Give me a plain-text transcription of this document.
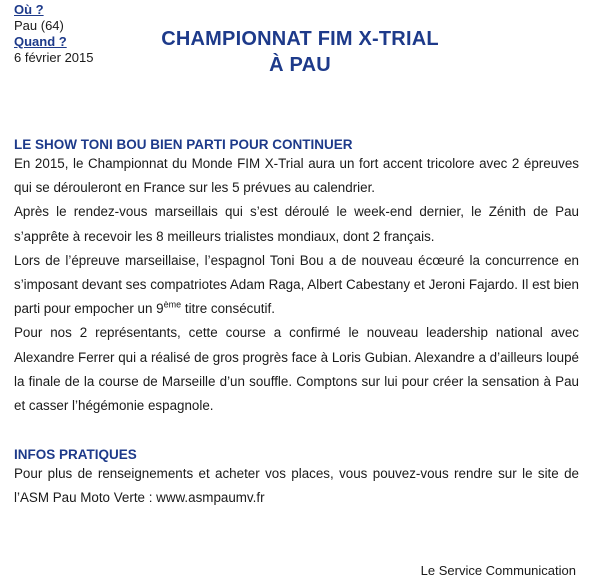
Où ?
Pau (64)
Quand ?
6 février 2015
CHAMPIONNAT FIM X-TRIAL
À PAU
LE SHOW TONI BOU BIEN PARTI POUR CONTINUER

En 2015, le Championnat du Monde FIM X-Trial aura un fort accent tricolore avec 2 épreuves qui se dérouleront en France sur les 5 prévues au calendrier.

Après le rendez-vous marseillais qui s’est déroulé le week-end dernier, le Zénith de Pau s’apprête à recevoir les 8 meilleurs trialistes mondiaux, dont 2 français.

Lors de l’épreuve marseillaise, l’espagnol Toni Bou a de nouveau écœuré la concurrence en s’imposant devant ses compatriotes Adam Raga, Albert Cabestany et Jeroni Fajardo. Il est bien parti pour empocher un 9ème titre consécutif.

Pour nos 2 représentants, cette course a confirmé le nouveau leadership national avec Alexandre Ferrer qui a réalisé de gros progrès face à Loris Gubian. Alexandre a d’ailleurs loupé la finale de la course de Marseille d’un souffle. Comptons sur lui pour créer la sensation à Pau et casser l’hégémonie espagnole.

INFOS PRATIQUES

Pour plus de renseignements et acheter vos places, vous pouvez-vous rendre sur le site de l’ASM Pau Moto Verte : www.asmpaumv.fr

Le Service Communication
